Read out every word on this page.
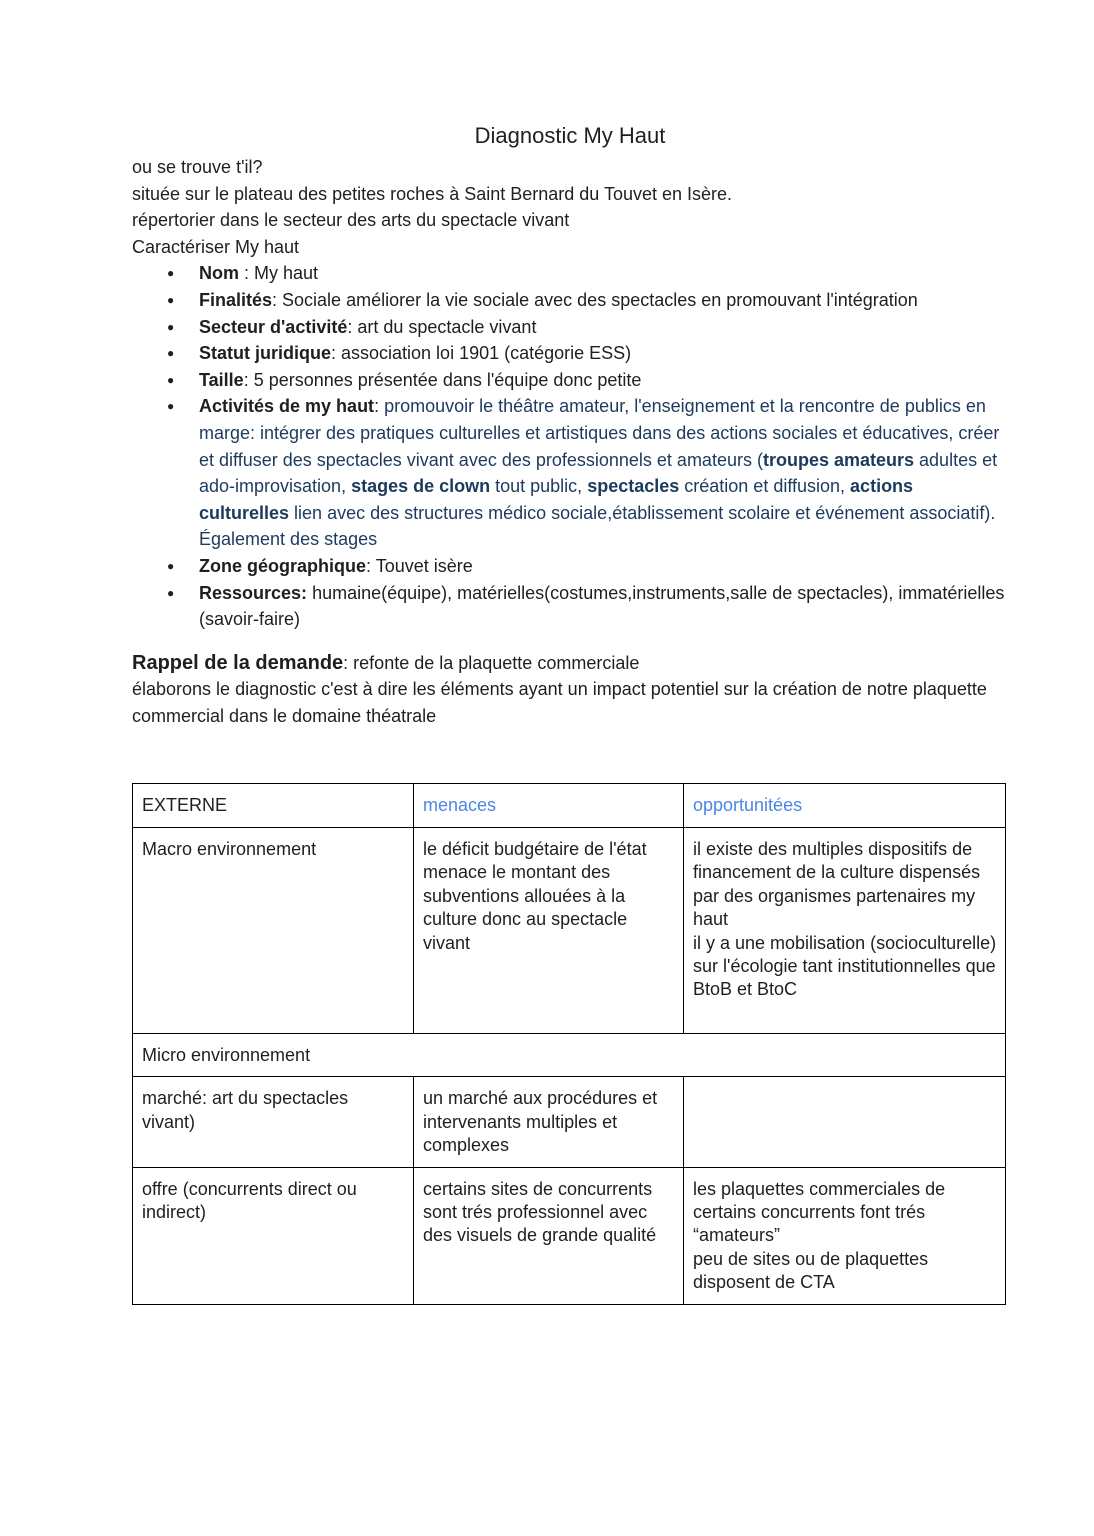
Diagnostic My Haut

ou se trouve t'il?

située sur le plateau des petites roches à Saint Bernard du Touvet en Isère.

répertorier dans le secteur des arts du spectacle vivant

Caractériser My haut

● Nom : My haut
● Finalités: Sociale améliorer la vie sociale avec des spectacles en promouvant l'intégration
● Secteur d'activité: art du spectacle vivant
● Statut juridique: association loi 1901 (catégorie ESS)
● Taille: 5 personnes présentée dans l'équipe donc petite
● Activités de my haut: promouvoir le théâtre amateur, l'enseignement et la rencontre de publics en marge: intégrer des pratiques culturelles et artistiques dans des actions sociales et éducatives, créer et diffuser des spectacles vivant avec des professionnels et amateurs (troupes amateurs adultes et ado-improvisation, stages de clown tout public, spectacles création et diffusion, actions culturelles lien avec des structures médico sociale,établissement scolaire et événement associatif). Également des stages
● Zone géographique: Touvet isère
● Ressources: humaine(équipe), matérielles(costumes,instruments,salle de spectacles), immatérielles (savoir-faire)

Rappel de la demande: refonte de la plaquette commerciale

élaborons le diagnostic c'est à dire les éléments ayant un impact potentiel sur la création de notre plaquette commercial dans le domaine théatrale

EXTERNE	menaces	opportunitées
Macro environnement	le déficit budgétaire de l'état menace le montant des subventions allouées à la culture donc au spectacle vivant	il existe des multiples dispositifs de financement de la culture dispensés par des organismes partenaires my haut
il y a une mobilisation (socioculturelle) sur l'écologie tant institutionnelles que BtoB et BtoC

Micro environnement		
marché: art du spectacles vivant)	un marché aux procédures et intervenants multiples et complexes	
offre (concurrents direct ou indirect)	certains sites de concurrents sont trés professionnel avec des visuels de grande qualité	les plaquettes commerciales de certains concurrents font trés “amateurs”
peu de sites ou de plaquettes disposent de CTA
